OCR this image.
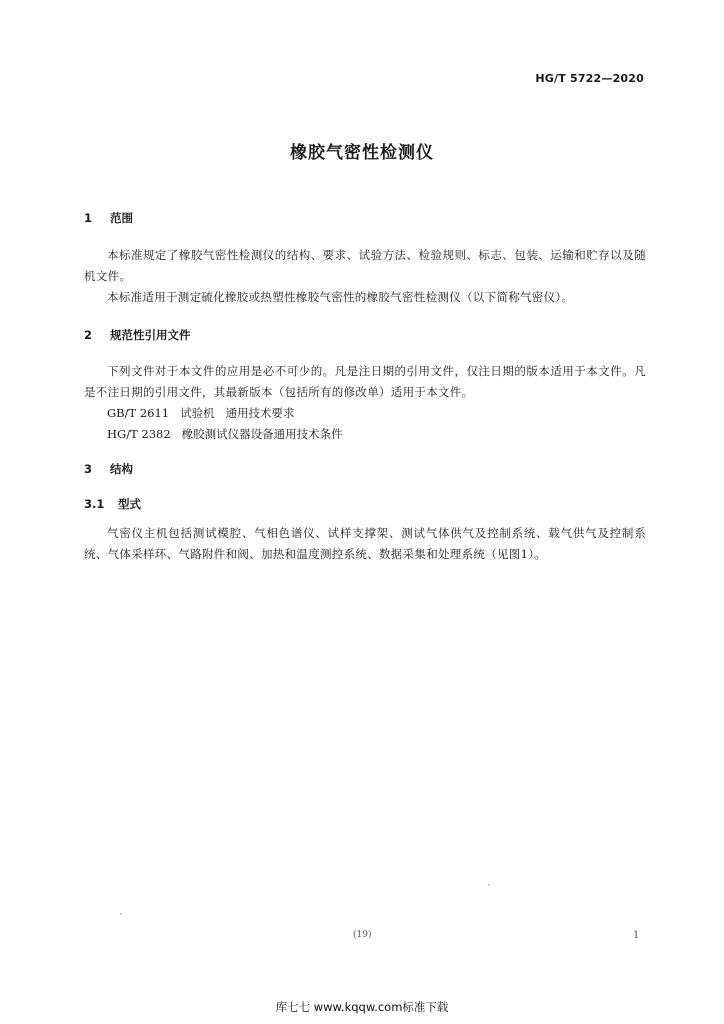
HG/T 5722—2020
橡胶气密性检测仪
1 范围
本标准规定了橡胶气密性检测仪的结构、要求、试验方法、检验规则、标志、包装、运输和贮存以及随机文件。
本标准适用于测定硫化橡胶或热塑性橡胶气密性的橡胶气密性检测仪（以下简称气密仪）。
2 规范性引用文件
下列文件对于本文件的应用是必不可少的。凡是注日期的引用文件，仅注日期的版本适用于本文件。凡是不注日期的引用文件，其最新版本（包括所有的修改单）适用于本文件。
GB/T 2611   试验机   通用技术要求
HG/T 2382   橡胶测试仪器设备通用技术条件
3 结构
3.1 型式
气密仪主机包括测试模腔、气相色谱仪、试样支撑架、测试气体供气及控制系统、载气供气及控制系统、气体采样环、气路附件和阀、加热和温度测控系统、数据采集和处理系统（见图1）。
(19)	1
库七七 www.kqqw.com标准下载
